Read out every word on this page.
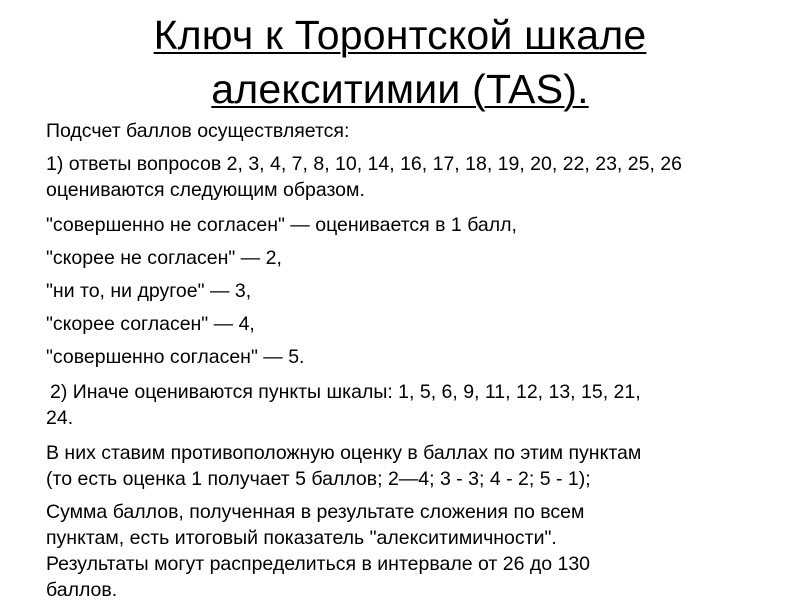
Ключ к Торонтской шкале
алекситимии (TAS).

Подсчет баллов осуществляется:

1) ответы вопросов 2, 3, 4, 7, 8, 10, 14, 16, 17, 18, 19, 20, 22, 23, 25, 26

оцениваются следующим образом.

"совершенно не согласен" — оценивается в 1 балл,

"скорее не согласен" — 2,

"ни то, ни другое" — 3,

"скорее согласен" — 4,

"совершенно согласен" — 5.

2) Иначе оцениваются пункты шкалы: 1, 5, 6, 9, 11, 12, 13, 15, 21,

24.

В них ставим противоположную оценку в баллах по этим пунктам

(то есть оценка 1 получает 5 баллов; 2—4; 3 - 3; 4 - 2; 5 - 1);

Сумма баллов, полученная в результате сложения по всем

пунктам, есть итоговый показатель "алекситимичности".

Результаты могут распределиться в интервале от 26 до 130

баллов.
